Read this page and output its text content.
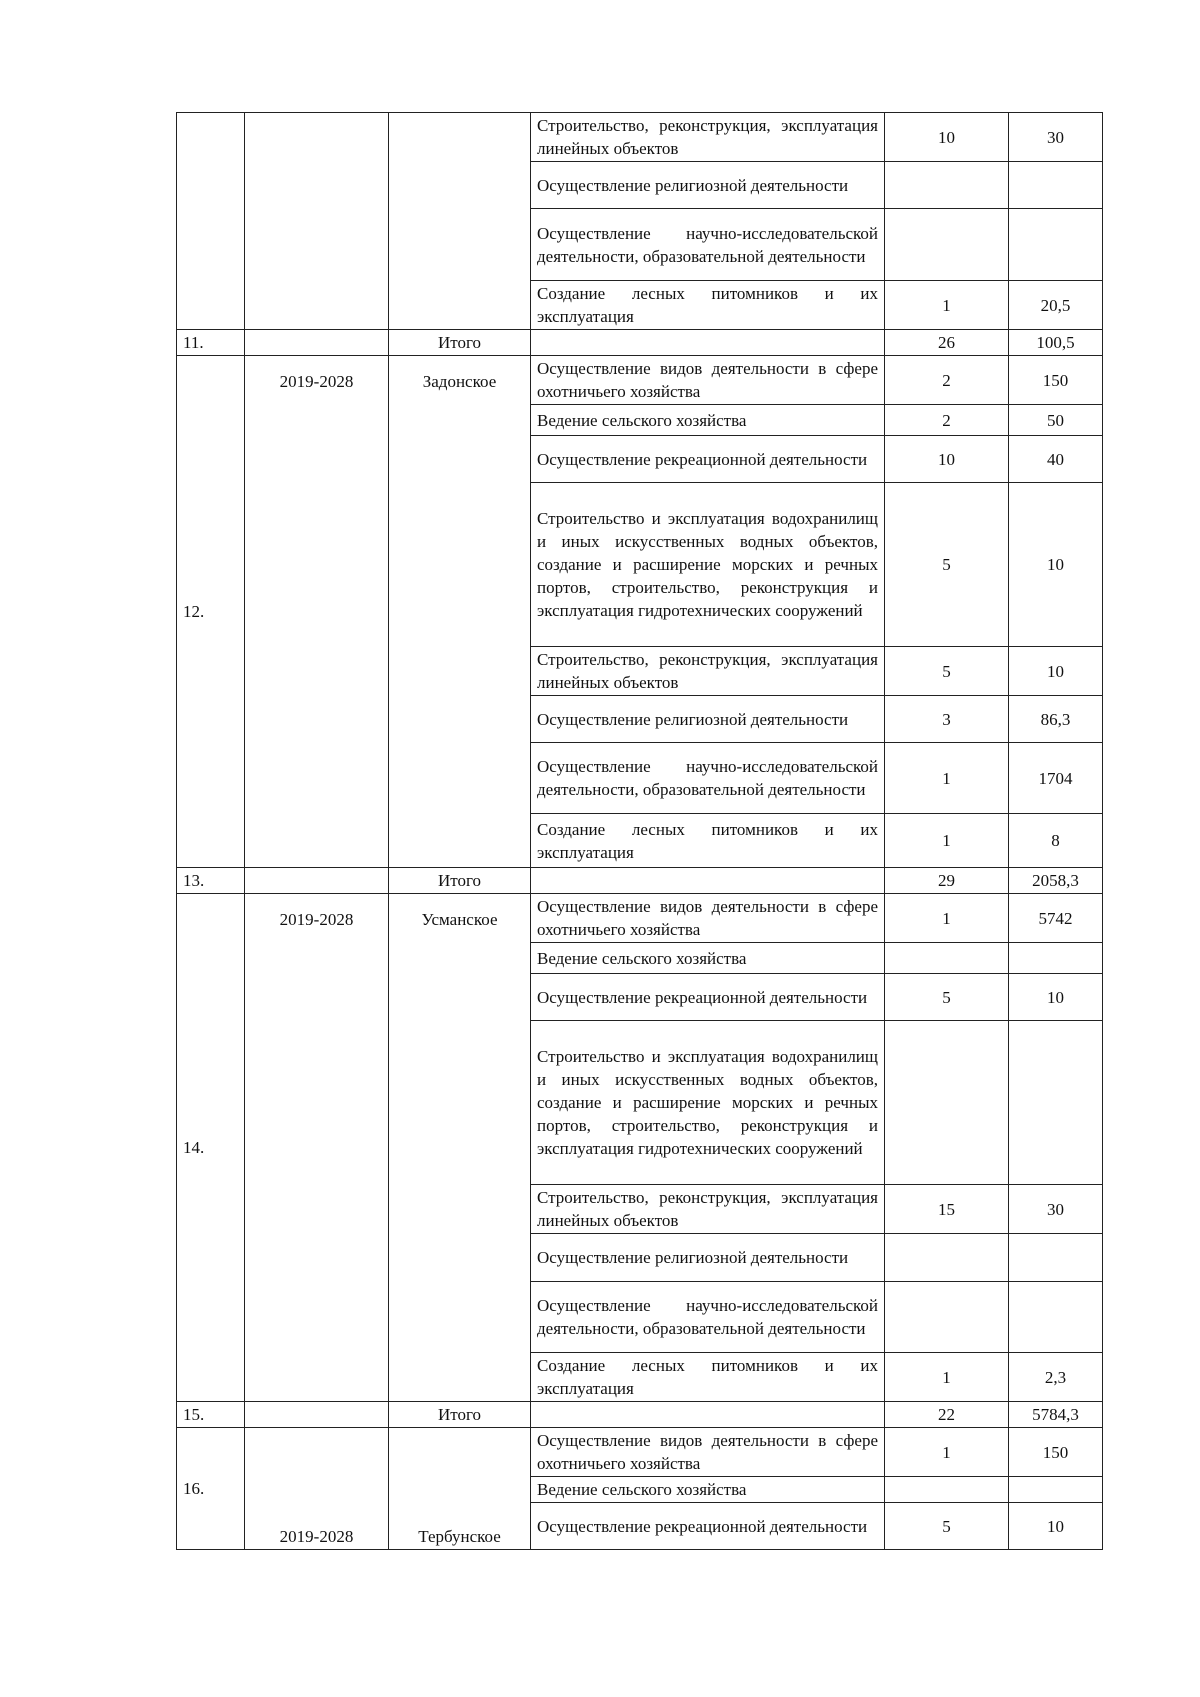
			Строительство, реконструкция, эксплуатация линейных объектов	10	30
			Осуществление религиозной деятельности		
			Осуществление научно-исследовательской деятельности, образовательной деятельности		
			Создание лесных питомников и их эксплуатация	1	20,5
11.		Итого		26	100,5
12.	2019-2028	Задонское	Осуществление видов деятельности в сфере охотничьего хозяйства	2	150
			Ведение сельского хозяйства	2	50
			Осуществление рекреационной деятельности	10	40
			Строительство и эксплуатация водохранилищ и иных искусственных водных объектов, создание и расширение морских и речных портов, строительство, реконструкция и эксплуатация гидротехнических сооружений	5	10
			Строительство, реконструкция, эксплуатация линейных объектов	5	10
			Осуществление религиозной деятельности	3	86,3
			Осуществление научно-исследовательской деятельности, образовательной деятельности	1	1704
			Создание лесных питомников и их эксплуатация	1	8
13.		Итого		29	2058,3
14.	2019-2028	Усманское	Осуществление видов деятельности в сфере охотничьего хозяйства	1	5742
			Ведение сельского хозяйства		
			Осуществление рекреационной деятельности	5	10
			Строительство и эксплуатация водохранилищ и иных искусственных водных объектов, создание и расширение морских и речных портов, строительство, реконструкция и эксплуатация гидротехнических сооружений		
			Строительство, реконструкция, эксплуатация линейных объектов	15	30
			Осуществление религиозной деятельности		
			Осуществление научно-исследовательской деятельности, образовательной деятельности		
			Создание лесных питомников и их эксплуатация	1	2,3
15.		Итого		22	5784,3
16.	2019-2028	Тербунское	Осуществление видов деятельности в сфере охотничьего хозяйства	1	150
			Ведение сельского хозяйства		
			Осуществление рекреационной деятельности	5	10
